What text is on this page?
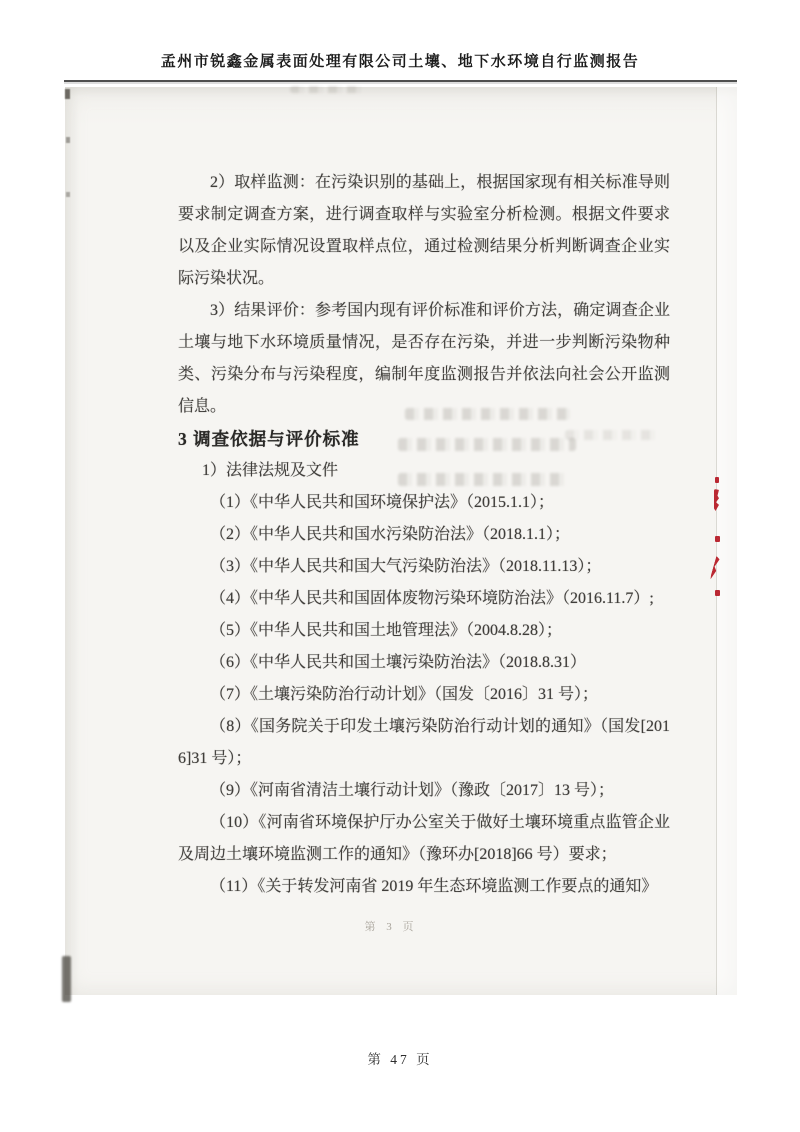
孟州市锐鑫金属表面处理有限公司土壤、地下水环境自行监测报告

2）取样监测：在污染识别的基础上，根据国家现有相关标准导则要求制定调查方案，进行调查取样与实验室分析检测。根据文件要求以及企业实际情况设置取样点位，通过检测结果分析判断调查企业实际污染状况。

3）结果评价：参考国内现有评价标准和评价方法，确定调查企业土壤与地下水环境质量情况，是否存在污染，并进一步判断污染物种类、污染分布与污染程度，编制年度监测报告并依法向社会公开监测信息。

3 调查依据与评价标准

1）法律法规及文件

（1）《中华人民共和国环境保护法》（2015.1.1）；

（2）《中华人民共和国水污染防治法》（2018.1.1）；

（3）《中华人民共和国大气污染防治法》（2018.11.13）；

（4）《中华人民共和国固体废物污染环境防治法》（2016.11.7）;

（5）《中华人民共和国土地管理法》（2004.8.28）；

（6）《中华人民共和国土壤污染防治法》（2018.8.31）

（7）《土壤污染防治行动计划》（国发〔2016〕31 号）；

（8）《国务院关于印发土壤污染防治行动计划的通知》（国发[2016]31 号）；

（9）《河南省清洁土壤行动计划》（豫政〔2017〕13 号）；

（10）《河南省环境保护厅办公室关于做好土壤环境重点监管企业及周边土壤环境监测工作的通知》（豫环办[2018]66 号）要求；

（11）《关于转发河南省 2019 年生态环境监测工作要点的通知》

第 3 页
第 47 页
